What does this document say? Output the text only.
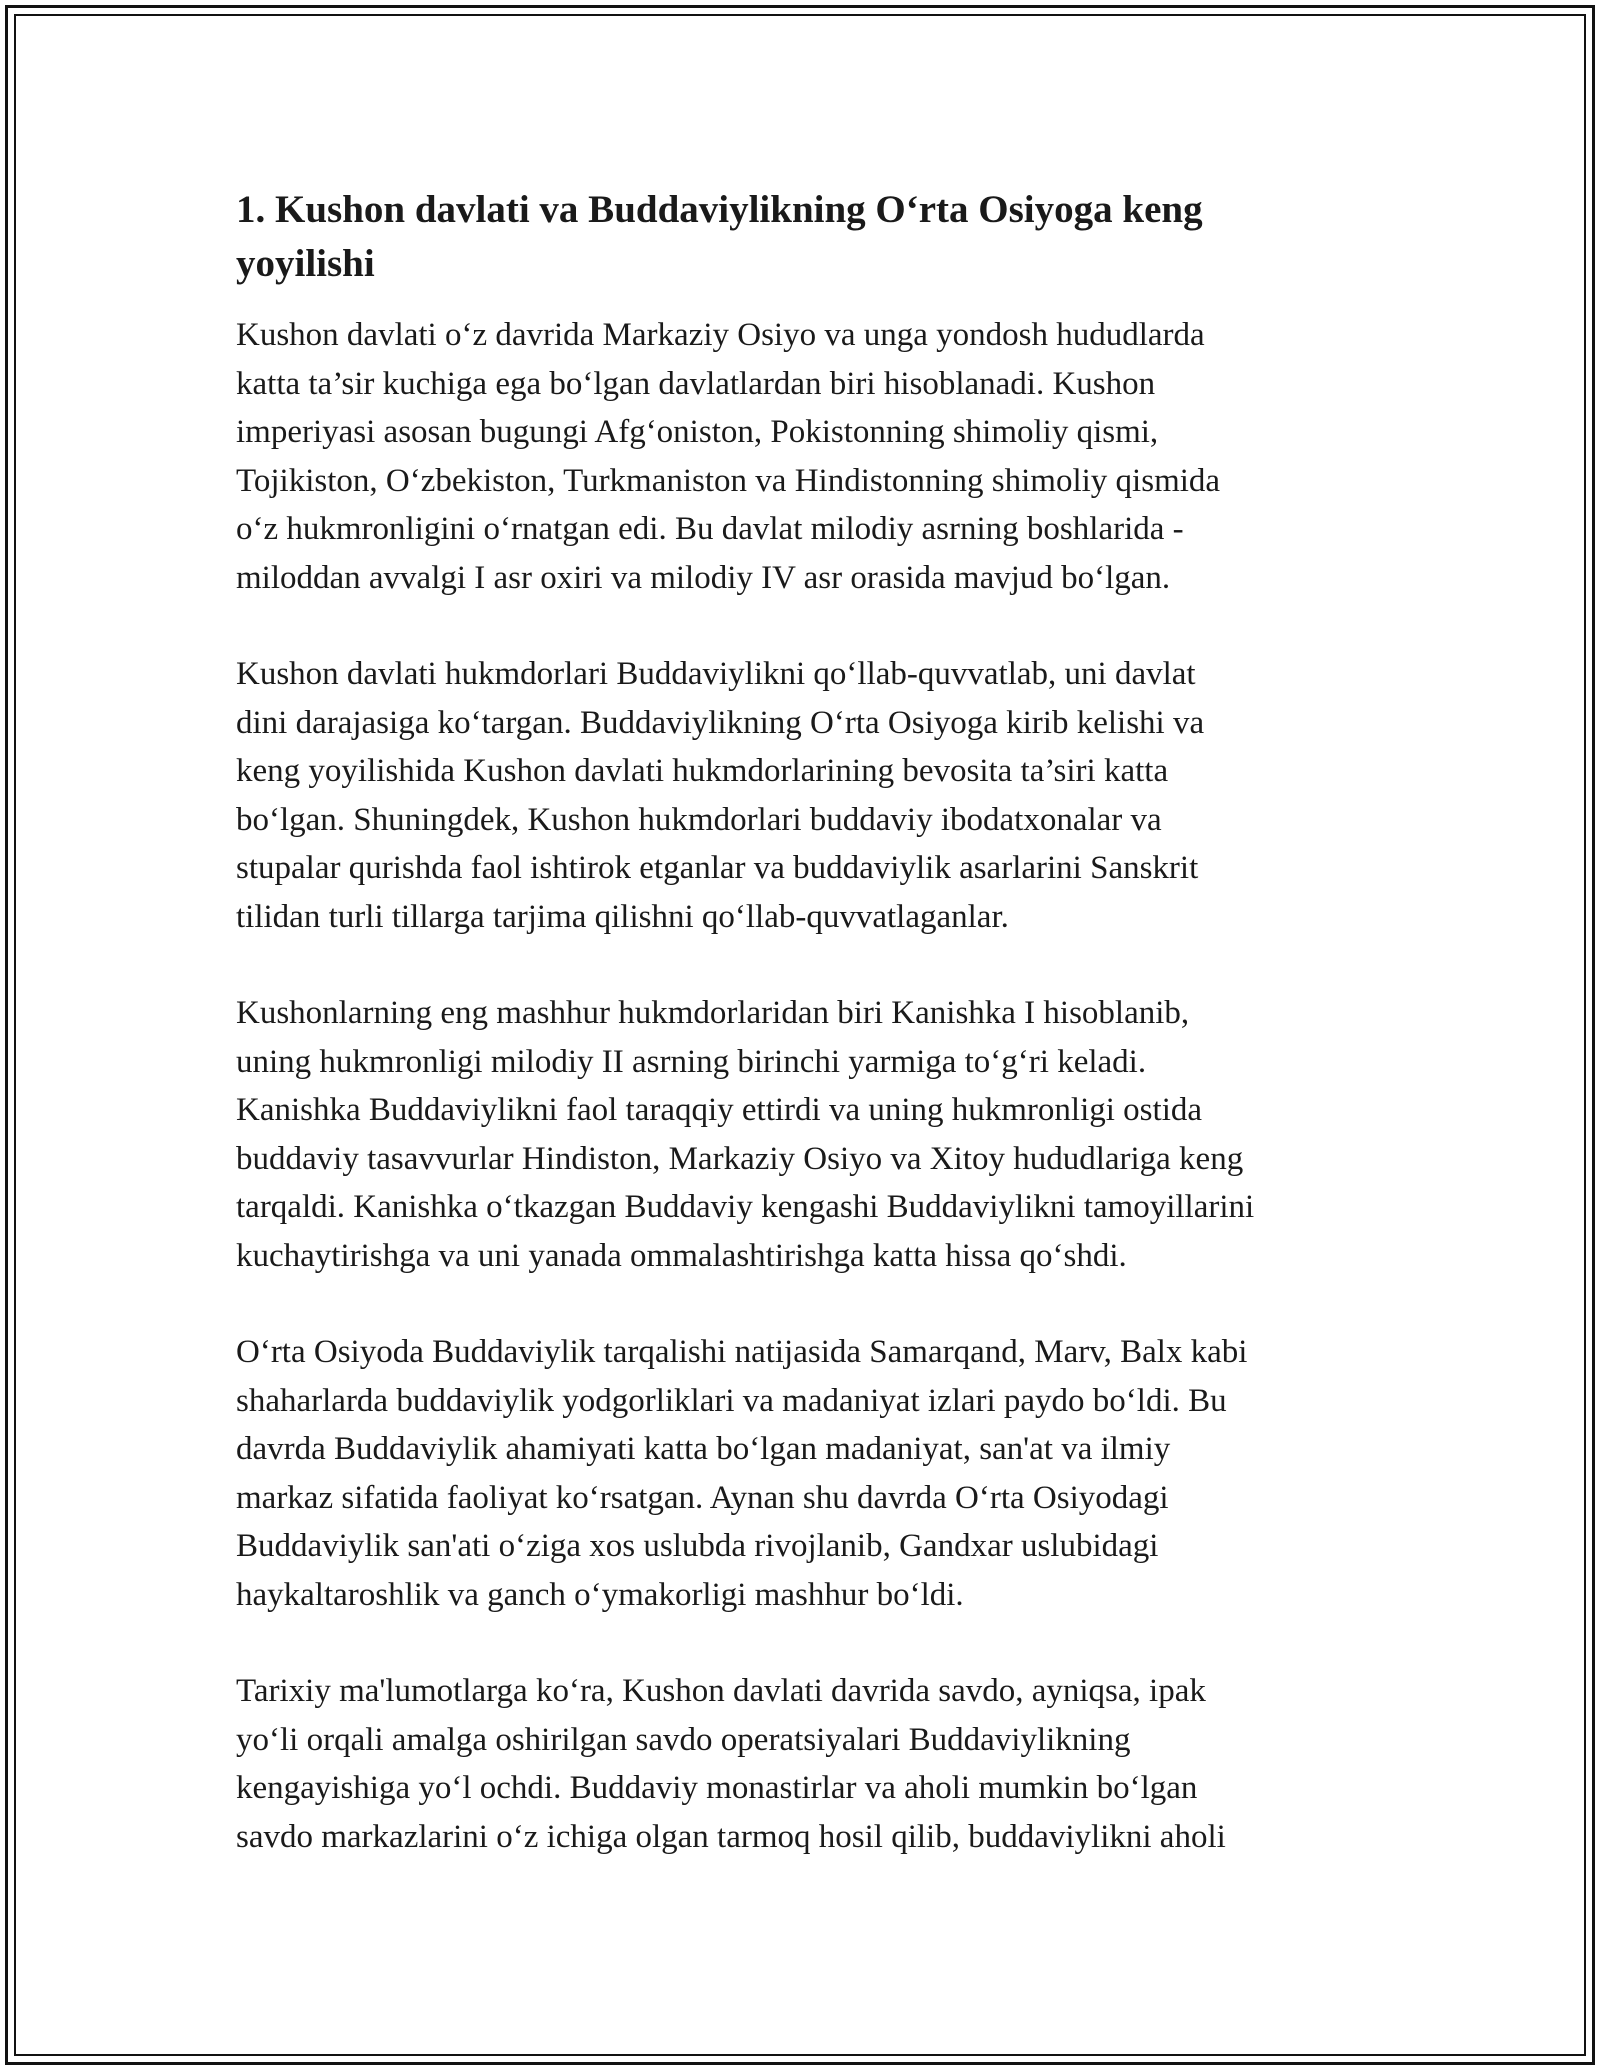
1. Kushon davlati va Buddaviylikning O‘rta Osiyoga keng
yoyilishi

Kushon davlati o‘z davrida Markaziy Osiyo va unga yondosh hududlarda
katta ta’sir kuchiga ega bo‘lgan davlatlardan biri hisoblanadi. Kushon
imperiyasi asosan bugungi Afg‘oniston, Pokistonning shimoliy qismi,
Tojikiston, O‘zbekiston, Turkmaniston va Hindistonning shimoliy qismida
o‘z hukmronligini o‘rnatgan edi. Bu davlat milodiy asrning boshlarida -
miloddan avvalgi I asr oxiri va milodiy IV asr orasida mavjud bo‘lgan.

Kushon davlati hukmdorlari Buddaviylikni qo‘llab-quvvatlab, uni davlat
dini darajasiga ko‘targan. Buddaviylikning O‘rta Osiyoga kirib kelishi va
keng yoyilishida Kushon davlati hukmdorlarining bevosita ta’siri katta
bo‘lgan. Shuningdek, Kushon hukmdorlari buddaviy ibodatxonalar va
stupalar qurishda faol ishtirok etganlar va buddaviylik asarlarini Sanskrit
tilidan turli tillarga tarjima qilishni qo‘llab-quvvatlaganlar.

Kushonlarning eng mashhur hukmdorlaridan biri Kanishka I hisoblanib,
uning hukmronligi milodiy II asrning birinchi yarmiga to‘g‘ri keladi.
Kanishka Buddaviylikni faol taraqqiy ettirdi va uning hukmronligi ostida
buddaviy tasavvurlar Hindiston, Markaziy Osiyo va Xitoy hududlariga keng
tarqaldi. Kanishka o‘tkazgan Buddaviy kengashi Buddaviylikni tamoyillarini
kuchaytirishga va uni yanada ommalashtirishga katta hissa qo‘shdi.

O‘rta Osiyoda Buddaviylik tarqalishi natijasida Samarqand, Marv, Balx kabi
shaharlarda buddaviylik yodgorliklari va madaniyat izlari paydo bo‘ldi. Bu
davrda Buddaviylik ahamiyati katta bo‘lgan madaniyat, san'at va ilmiy
markaz sifatida faoliyat ko‘rsatgan. Aynan shu davrda O‘rta Osiyodagi
Buddaviylik san'ati o‘ziga xos uslubda rivojlanib, Gandxar uslubidagi
haykaltaroshlik va ganch o‘ymakorligi mashhur bo‘ldi.

Tarixiy ma'lumotlarga ko‘ra, Kushon davlati davrida savdo, ayniqsa, ipak
yo‘li orqali amalga oshirilgan savdo operatsiyalari Buddaviylikning
kengayishiga yo‘l ochdi. Buddaviy monastirlar va aholi mumkin bo‘lgan
savdo markazlarini o‘z ichiga olgan tarmoq hosil qilib, buddaviylikni aholi
